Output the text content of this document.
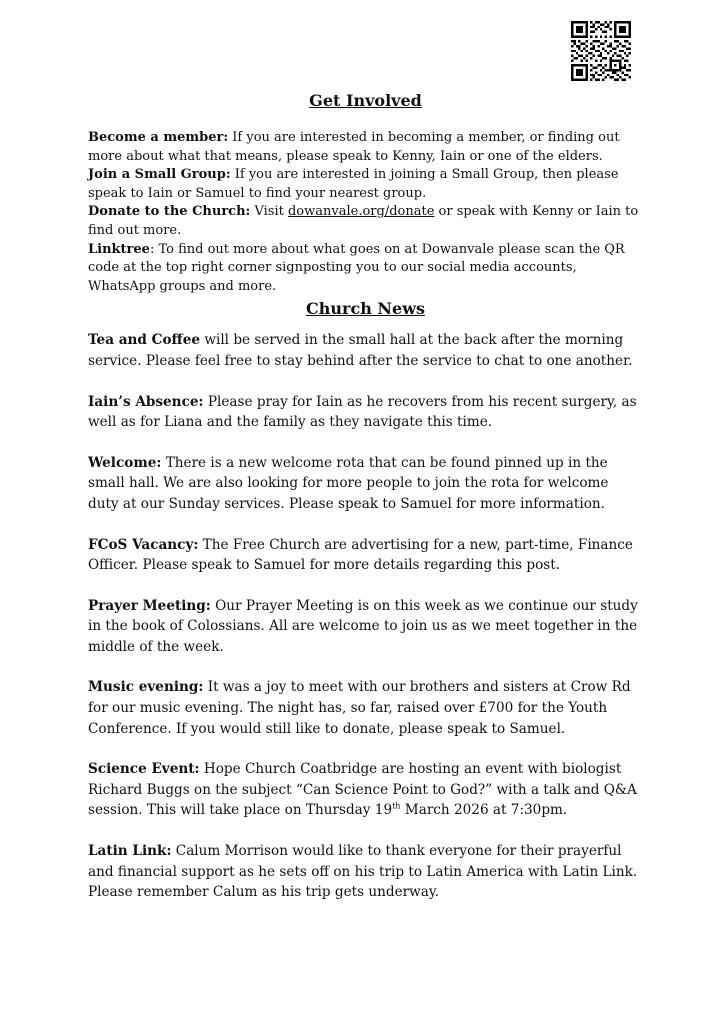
Get Involved

Become a member: If you are interested in becoming a member, or finding out more about what that means, please speak to Kenny, Iain or one of the elders.

Join a Small Group: If you are interested in joining a Small Group, then please speak to Iain or Samuel to find your nearest group.

Donate to the Church: Visit dowanvale.org/donate or speak with Kenny or Iain to find out more.

Linktree: To find out more about what goes on at Dowanvale please scan the QR code at the top right corner signposting you to our social media accounts, WhatsApp groups and more.

Church News

Tea and Coffee will be served in the small hall at the back after the morning service. Please feel free to stay behind after the service to chat to one another.

Iain’s Absence: Please pray for Iain as he recovers from his recent surgery, as well as for Liana and the family as they navigate this time.

Welcome: There is a new welcome rota that can be found pinned up in the small hall. We are also looking for more people to join the rota for welcome duty at our Sunday services. Please speak to Samuel for more information.

FCoS Vacancy: The Free Church are advertising for a new, part-time, Finance Officer. Please speak to Samuel for more details regarding this post.

Prayer Meeting: Our Prayer Meeting is on this week as we continue our study in the book of Colossians. All are welcome to join us as we meet together in the middle of the week.

Music evening: It was a joy to meet with our brothers and sisters at Crow Rd for our music evening. The night has, so far, raised over £700 for the Youth Conference. If you would still like to donate, please speak to Samuel.

Science Event: Hope Church Coatbridge are hosting an event with biologist Richard Buggs on the subject “Can Science Point to God?” with a talk and Q&A session. This will take place on Thursday 19th March 2026 at 7:30pm.

Latin Link: Calum Morrison would like to thank everyone for their prayerful and financial support as he sets off on his trip to Latin America with Latin Link. Please remember Calum as his trip gets underway.
